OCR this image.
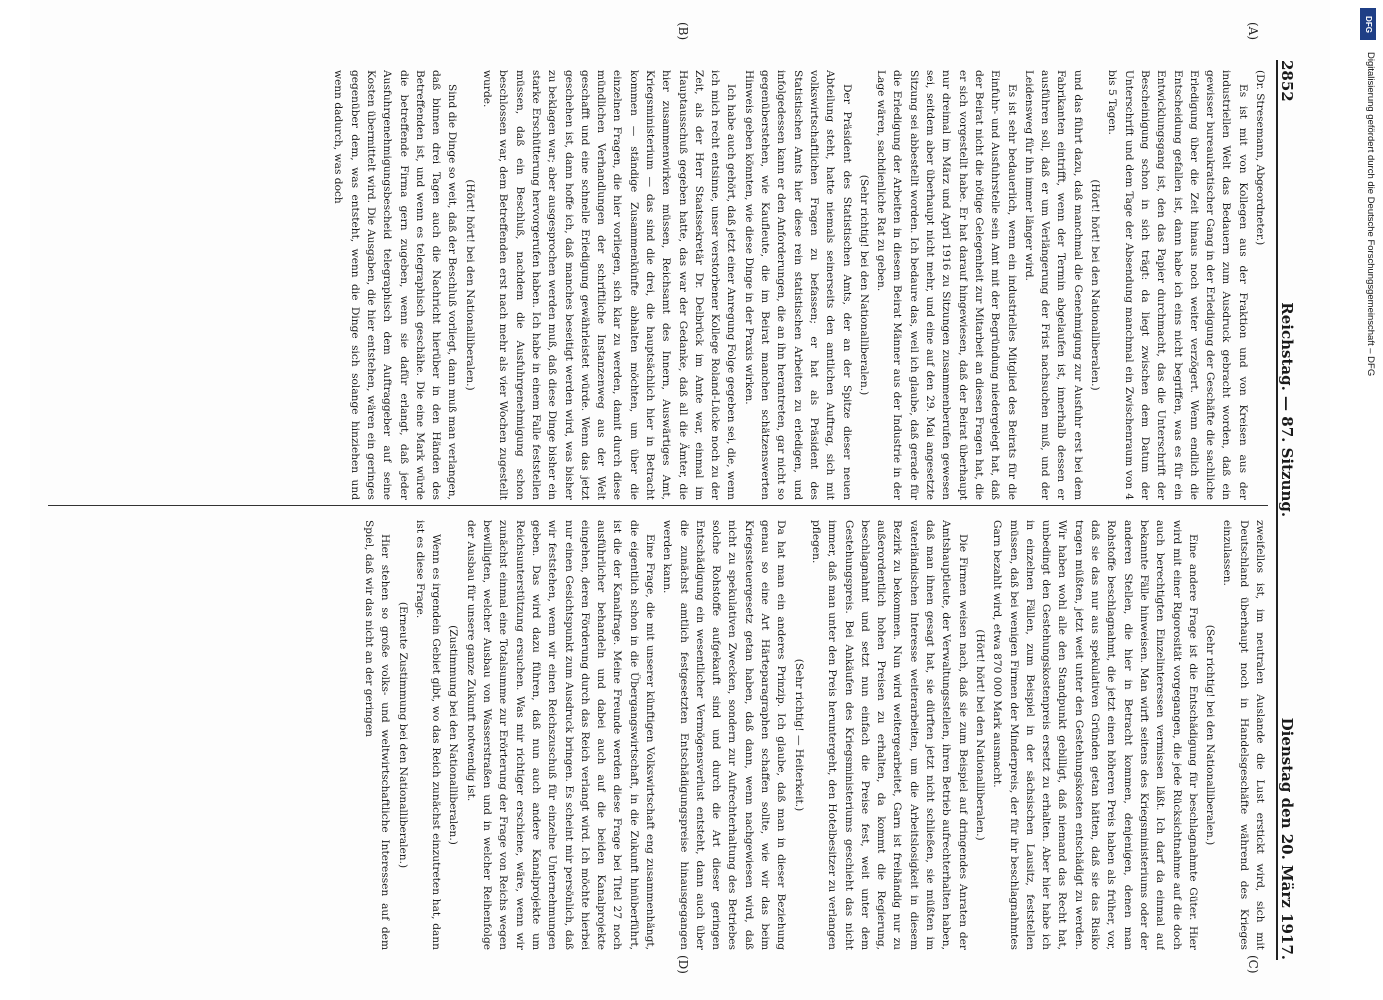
2852
Reichstag. — 87. Sitzung.
Dienstag den 20. März 1917.
(A)
(B)
(C)
(D)

(Dr. Stresemann, Abgeordneter.)

Es ist mit von Kollegen aus der Fraktion und von Kreisen aus der industriellen Welt das Bedauern zum Ausdruck gebracht worden, daß ein gewisser bureaukratischer Gang in der Erledigung der Geschäfte die sachliche Erledigung über die Zeit hinaus noch weiter verzögert. Wenn endlich die Entscheidung gefallen ist, dann habe ich eins nicht begriffen, was es für ein Entwicklungsgang ist, den das Papier durchmacht, das die Unterschrift der Bescheinigung schon in sich trägt: da liegt zwischen dem Datum der Unterschrift und dem Tage der Absendung manchmal ein Zwischenraum von 4 bis 5 Tagen.

(Hört! hört! bei den Nationalliberalen.)

und das führt dazu, daß manchmal die Genehmigung zur Ausfuhr erst bei dem Fabrikanten eintrifft, wenn der Termin abgelaufen ist, innerhalb dessen er ausführen soll, daß er um Verlängerung der Frist nachsuchen muß, und der Leidensweg für ihn immer länger wird.

Es ist sehr bedauerlich, wenn ein industrielles Mitglied des Beirats für die Einfuhr- und Ausfuhrstelle sein Amt mit der Begründung niedergelegt hat, daß der Beirat nicht die nötige Gelegenheit zur Mitarbeit an diesen Fragen hat, die er sich vorgestellt habe. Er hat darauf hingewiesen, daß der Beirat überhaupt nur dreimal im März und April 1916 zu Sitzungen zusammenberufen gewesen sei, seitdem aber überhaupt nicht mehr, und eine auf den 29. Mai angesetzte Sitzung sei abbestellt worden. Ich bedaure das, weil ich glaube, daß gerade für die Erledigung der Arbeiten in diesem Beirat Männer aus der Industrie in der Lage wären, sachdienliche Rat zu geben.

(Sehr richtig! bei den Nationalliberalen.)

Der Präsident des Statistischen Amts, der an der Spitze dieser neuen Abteilung steht, hatte niemals seinerseits den amtlichen Auftrag, sich mit volkswirtschaftlichen Fragen zu befassen; er hat als Präsident des Statistischen Amts hier diese rein statistischen Arbeiten zu erledigen, und infolgedessen kann er den Anforderungen, die an ihn herantreten, gar nicht so gegenüberstehen, wie Kaufleute, die im Beirat manchen schätzenswerten Hinweis geben könnten, wie diese Dinge in der Praxis wirken.

Ich habe auch gehört, daß jetzt einer Anregung Folge gegeben sei, die, wenn ich mich recht entsinne, unser verstorbener Kollege Roland-Lücke noch zu der Zeit, als der Herr Staatssekretär Dr. Delbrück im Amte war, einmal im Hauptausschuß gegeben hatte, das war der Gedanke, daß all die Ämter, die hier zusammenwirken müssen, Reichsamt des Innern, Auswärtiges Amt, Kriegsministerium — das sind die drei, die hauptsächlich hier in Betracht kommen — ständige Zusammenkünfte abhalten möchten, um über die einzelnen Fragen, die hier vorliegen, sich klar zu werden, damit durch diese mündlichen Verhandlungen der schriftliche Instanzenweg aus der Welt geschafft und eine schnelle Erledigung gewährleistet würde. Wenn das jetzt geschehen ist, dann hoffe ich, daß manches beseitigt werden wird, was bisher zu beklagen war; aber ausgesprochen werden muß, daß diese Dinge bisher ein starke Erschütterung hervorgerufen haben. Ich habe in einem Falle feststellen müssen, daß ein Beschluß, nachdem die Ausfuhrgenehmigung schon beschlossen war, dem Betreffenden erst nach mehr als vier Wochen zugestellt wurde.

(Hört! hört! bei den Nationalliberalen.)

Sind die Dinge so weit, daß der Beschluß vorliegt, dann muß man verlangen, daß binnen drei Tagen auch die Nachricht hierüber in den Händen des Betreffenden ist, und wenn es telegraphisch geschähe. Die eine Mark würde die betreffende Firma gern zugeben, wenn sie dafür erlangt, daß jeder Ausfuhrgenehmigungsbescheid telegraphisch dem Auftraggeber auf seine Kosten übermittelt wird. Die Ausgaben, die hier entstehen, wären ein geringes gegenüber dem, was entsteht, wenn die Dinge sich solange hinziehen und wenn dadurch, was doch

zweifellos ist, im neutralen Auslande die Lust erstickt wird, sich mit Deutschland überhaupt noch in Handelsgeschäfte während des Krieges einzulassen.

(Sehr richtig! bei den Nationalliberalen.)

Eine andere Frage ist die Entschädigung für beschlagnahmte Güter. Hier wird mit einer Rigorosität vorgegangen, die jede Rücksichtnahme auf die doch auch berechtigten Einzelinteressen vermissen läßt. Ich darf da einmal auf bekannte Fälle hinweisen. Man wirft seitens des Kriegsministeriums oder der anderen Stellen, die hier in Betracht kommen, denjenigen, denen man Rohstoffe beschlagnahmt, die jetzt einen höheren Preis haben als früher, vor, daß sie das nur aus spekulativen Gründen getan hätten, daß sie das Risiko tragen müßten, jetzt weit unter den Gestehungskosten entschädigt zu werden. Wir haben wohl alle den Standpunkt gebilligt, daß niemand das Recht hat, unbedingt den Gestehungskostenpreis ersetzt zu erhalten. Aber hier habe ich in einzelnen Fällen, zum Beispiel in der sächsischen Lausitz, feststellen müssen, daß bei wenigen Firmen der Minderpreis, der für ihr beschlagnahmtes Garn bezahlt wird, etwa 870 000 Mark ausmacht.

(Hört! hört! bei den Nationalliberalen.)

Die Firmen weisen nach, daß sie zum Beispiel auf dringendes Anraten der Amtshauptleute, der Verwaltungsstellen, ihren Betrieb aufrechterhalten haben, daß man ihnen gesagt hat, sie dürften jetzt nicht schließen, sie müßten im vaterländischen Interesse weiterarbeiten, um die Arbeitslosigkeit in diesem Bezirk zu bekommen. Nun wird weitergearbeitet, Garn ist freihändig nur zu außerordentlich hohen Preisen zu erhalten, da kommt die Regierung, beschlagnahmt und setzt nun einfach die Preise fest, weit unter dem Gestehungspreis. Bei Ankäufen des Kriegsministeriums geschieht das nicht immer, daß man unter den Preis heruntergeht, den Hotelbesitzer zu verlangen pflegen.

(Sehr richtig! — Heiterkeit.)

Da hat man ein anderes Prinzip. Ich glaube, daß man in dieser Beziehung genau so eine Art Härteparagraphen schaffen sollte, wie wir das beim Kriegssteuergesetz getan haben, daß dann, wenn nachgewiesen wird, daß nicht zu spekulativen Zwecken, sondern zur Aufrechterhaltung des Betriebes solche Rohstoffe aufgekauft sind und durch die Art dieser geringen Entschädigung ein wesentlicher Vermögensverlust entsteht, dann auch über die zunächst amtlich festgesetzten Entschädigungspreise hinausgegangen werden kann.

Eine Frage, die mit unserer künftigen Volkswirtschaft eng zusammenhängt, die eigentlich schon in die Übergangswirtschaft, in die Zukunft hinüberführt, ist die der Kanalfrage. Meine Freunde werden diese Frage bei Titel 27 noch ausführlicher behandeln und dabei auch auf die beiden Kanalprojekte eingehen, deren Förderung durch das Reich verlangt wird. Ich möchte hierbei nur einen Gesichtspunkt zum Ausdruck bringen. Es scheint mir persönlich, daß wir feststehen, wenn wir einen Reichszuschuß für einzelne Unternehmungen geben. Das wird dazu führen, daß nun auch andere Kanalprojekte um Reichsunterstützung ersuchen. Was mir richtiger erschiene, wäre, wenn wir zunächst einmal eine Totalsumme zur Erörterung der Frage von Reichs wegen bewilligten, welcher Ausbau von Wasserstraßen und in welcher Reihenfolge der Ausbau für unsere ganze Zukunft notwendig ist.

(Zustimmung bei den Nationalliberalen.)

Wenn es irgendein Gebiet gibt, wo das Reich zunächst einzutreten hat, dann ist es diese Frage.

(Erneute Zustimmung bei den Nationalliberalen.)

Hier stehen so große volks- und weltwirtschaftliche Interessen auf dem Spiel, daß wir das nicht an der geringen

DFG
Digitalisierung gefördert durch die Deutsche Forschungsgemeinschaft – DFG
